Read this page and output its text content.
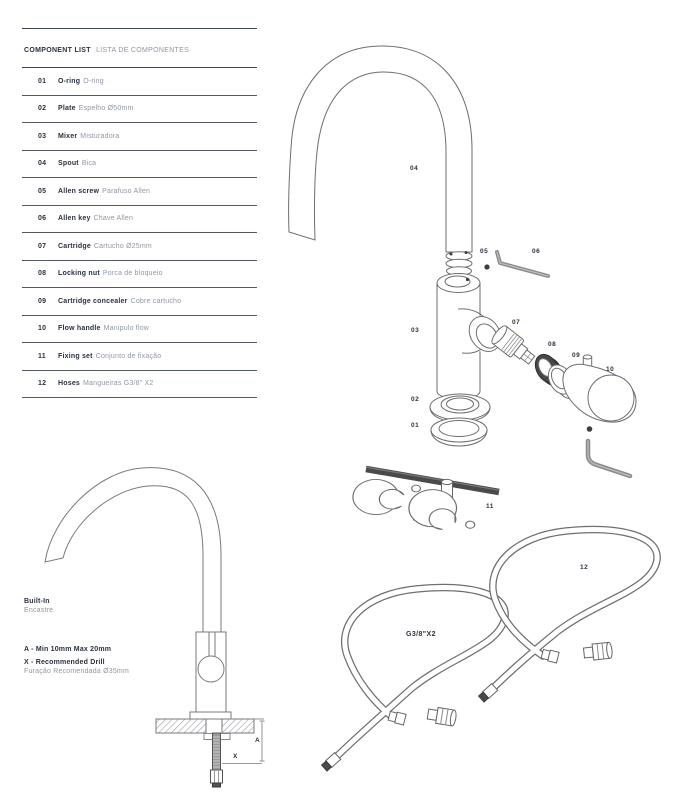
COMPONENT LIST LISTA DE COMPONENTES
01	O-ring O-ring
02	Plate Espelho Ø50mm
03	Mixer Misturadora
04	Spout Bica
05	Allen screw Parafuso Allen
06	Allen key Chave Allen
07	Cartridge Cartucho Ø25mm
08	Locking nut Porca de bloqueio
09	Cartridge concealer Cobre cartucho
10	Flow handle Manipulo flow
11	Fixing set Conjunto de fixação
12	Hoses Mangueiras G3/8" X2
04
05	06
03
07
08
09
10
02
01
11
12
G3/8"X2
A
X
Built-In
Encastre
A - Min 10mm Max 20mm
X - Recommended Drill
Furação Recomendada Ø35mm
